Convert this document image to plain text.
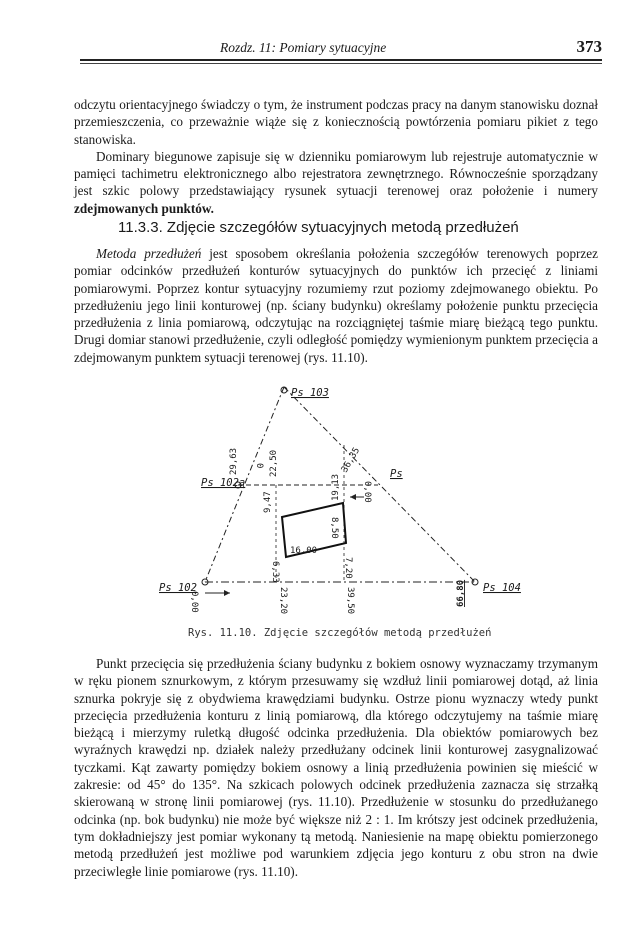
Rozdz. 11: Pomiary sytuacyjne	373

odczytu orientacyjnego świadczy o tym, że instrument podczas pracy na danym stanowisku doznał przemieszczenia, co przeważnie wiąże się z koniecznością powtórzenia pomiaru pikiet z tego stanowiska.

Dominary biegunowe zapisuje się w dzienniku pomiarowym lub rejestruje automatycznie w pamięci tachimetru elektronicznego albo rejestratora zewnętrznego. Równocześnie sporządzany jest szkic polowy przedstawiający rysunek sytuacji terenowej oraz położenie i numery zdejmowanych punktów.

11.3.3. Zdjęcie szczegółów sytuacyjnych metodą przedłużeń

Metoda przedłużeń jest sposobem określania położenia szczegółów terenowych poprzez pomiar odcinków przedłużeń konturów sytuacyjnych do punktów ich przecięć z liniami pomiarowymi. Poprzez kontur sytuacyjny rozumiemy rzut poziomy zdejmowanego obiektu. Po przedłużeniu jego linii konturowej (np. ściany budynku) określamy położenie punktu przecięcia przedłużenia z linia pomiarową, odczytując na rozciągniętej taśmie miarę bieżącą tego punktu. Drugi domiar stanowi przedłużenie, czyli odległość pomiędzy wymienionym punktem przecięcia a zdejmowanym punktem sytuacji terenowej (rys. 11.10).

Ps 103
Ps 102a
Ps 102	Ps 104
Ps
29,63 0 22,50	36,35
0,00
19,13
9,47
8,50
16,00
7,20
6,33
23,20	39,50
0,00	66,80
Rys. 11.10. Zdjęcie szczegółów metodą przedłużeń

Punkt przecięcia się przedłużenia ściany budynku z bokiem osnowy wyznaczamy trzymanym w ręku pionem sznurkowym, z którym przesuwamy się wzdłuż linii pomiarowej dotąd, aż linia sznurka pokryje się z obydwiema krawędziami budynku. Ostrze pionu wyznaczy wtedy punkt przecięcia przedłużenia konturu z linią pomiarową, dla którego odczytujemy na taśmie miarę bieżącą i mierzymy ruletką długość odcinka przedłużenia. Dla obiektów pomiarowych bez wyraźnych krawędzi np. działek należy przedłużany odcinek linii konturowej zasygnalizować tyczkami. Kąt zawarty pomiędzy bokiem osnowy a linią przedłużenia powinien się mieścić w zakresie: od 45° do 135°. Na szkicach polowych odcinek przedłużenia zaznacza się strzałką skierowaną w stronę linii pomiarowej (rys. 11.10). Przedłużenie w stosunku do przedłużanego odcinka (np. bok budynku) nie może być większe niż 2 : 1. Im krótszy jest odcinek przedłużenia, tym dokładniejszy jest pomiar wykonany tą metodą. Naniesienie na mapę obiektu pomierzonego metodą przedłużeń jest możliwe pod warunkiem zdjęcia jego konturu z obu stron na dwie przeciwległe linie pomiarowe (rys. 11.10).
